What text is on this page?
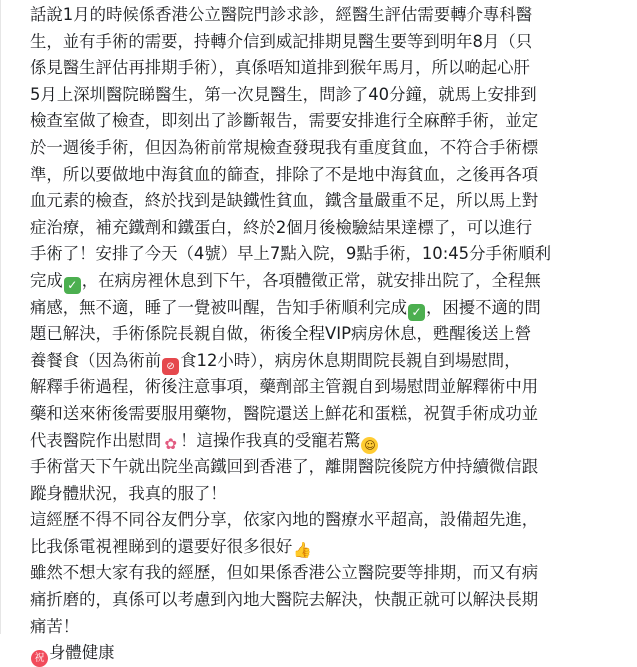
話說1月的時候係香港公立醫院門診求診，經醫生評估需要轉介專科醫
生，並有手術的需要，持轉介信到威記排期見醫生要等到明年8月（只
係見醫生評估再排期手術），真係唔知道排到猴年馬月，所以啲起心肝
5月上深圳醫院睇醫生，第一次見醫生，問診了40分鐘，就馬上安排到
檢查室做了檢查，即刻出了診斷報告，需要安排進行全麻醉手術，並定
於一週後手術，但因為術前常規檢查發現我有重度貧血，不符合手術標
準，所以要做地中海貧血的篩查，排除了不是地中海貧血，之後再各項
血元素的檢查，終於找到是缺鐵性貧血，鐵含量嚴重不足，所以馬上對
症治療，補充鐵劑和鐵蛋白，終於2個月後檢驗結果達標了，可以進行
手術了！安排了今天（4號）早上7點入院，9點手術，10:45分手術順利
完成 ✓ ，在病房裡休息到下午，各項體徵正常，就安排出院了，全程無
痛感，無不適，睡了一覺被叫醒，告知手術順利完成 ✓ ，困擾不適的問
題已解決，手術係院長親自做，術後全程VIP病房休息，甦醒後送上營
養餐食（因為術前 ⊘ 食12小時），病房休息期間院長親自到場慰問，
解釋手術過程，術後注意事項，藥劑部主管親自到場慰問並解釋術中用
藥和送來術後需要服用藥物，醫院還送上鮮花和蛋糕，祝賀手術成功並
代表醫院作出慰問 ✿ ！這操作我真的受寵若驚 ☺
手術當天下午就出院坐高鐵回到香港了，離開醫院後院方仲持續微信跟
蹤身體狀況，我真的服了！
這經歷不得不同谷友們分享，依家內地的醫療水平超高，設備超先進，
比我係電視裡睇到的還要好很多很好👍
雖然不想大家有我的經歷，但如果係香港公立醫院要等排期，而又有病
痛折磨的，真係可以考慮到內地大醫院去解決，快靚正就可以解決長期
痛苦！
祝 身體健康
